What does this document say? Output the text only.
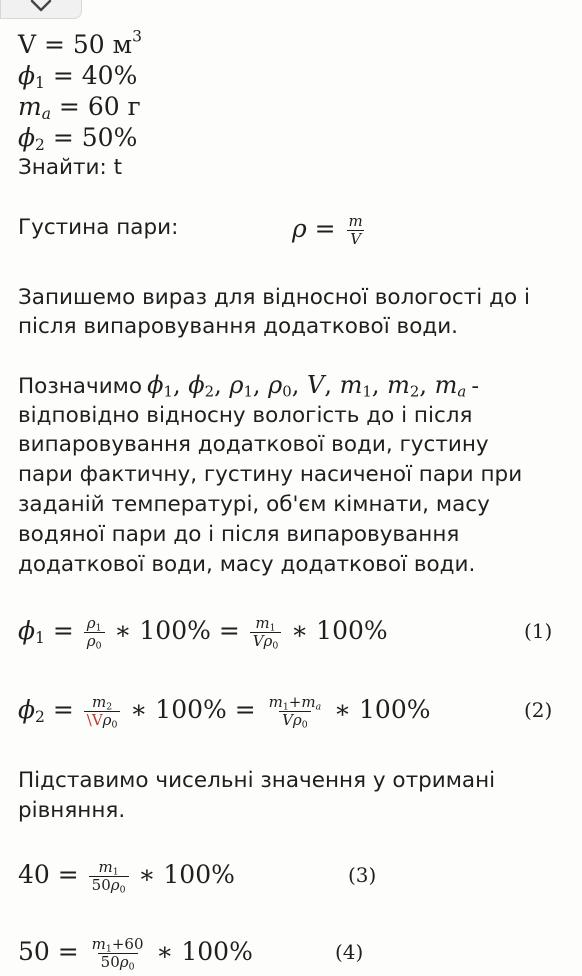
V = 50 $м^3$
$\phi_1 = 40\%$
$m_a = 60$ г
$\phi_2 = 50\%$
Знайти: t
Густина пари:	$\rho = \frac{m}{V}$
Запишемо вираз для відносної вологості до і
після випаровування додаткової води.
Позначимо $\phi_1$, $\phi_2$, $\rho_1$, $\rho_0$, V, $m_1$, $m_2$, $m_a$ -
відповідно відносну вологість до і після
випаровування додаткової води, густину
пари фактичну, густину насиченої пари при
заданій температурі, об'єм кімнати, масу
водяної пари до і після випаровування
додаткової води, масу додаткової води.
$\phi_1 = \frac{\rho_1}{\rho_0}$ ∗ $100\% = \frac{m_1}{V\rho_0}$ ∗ 100%	(1)
$\phi_2 = \frac{m_2}{\backslash V\rho_0}$ ∗ $100\% = \frac{m_1+m_a}{V\rho_0}$ ∗ 100%	(2)
Підставимо чисельні значення у отримані
рівняння.
$40 = \frac{m_1}{50\rho_0}$ ∗ 100%	(3)
$50 = \frac{m_1+60}{50\rho_0}$ ∗ 100%	(4)
